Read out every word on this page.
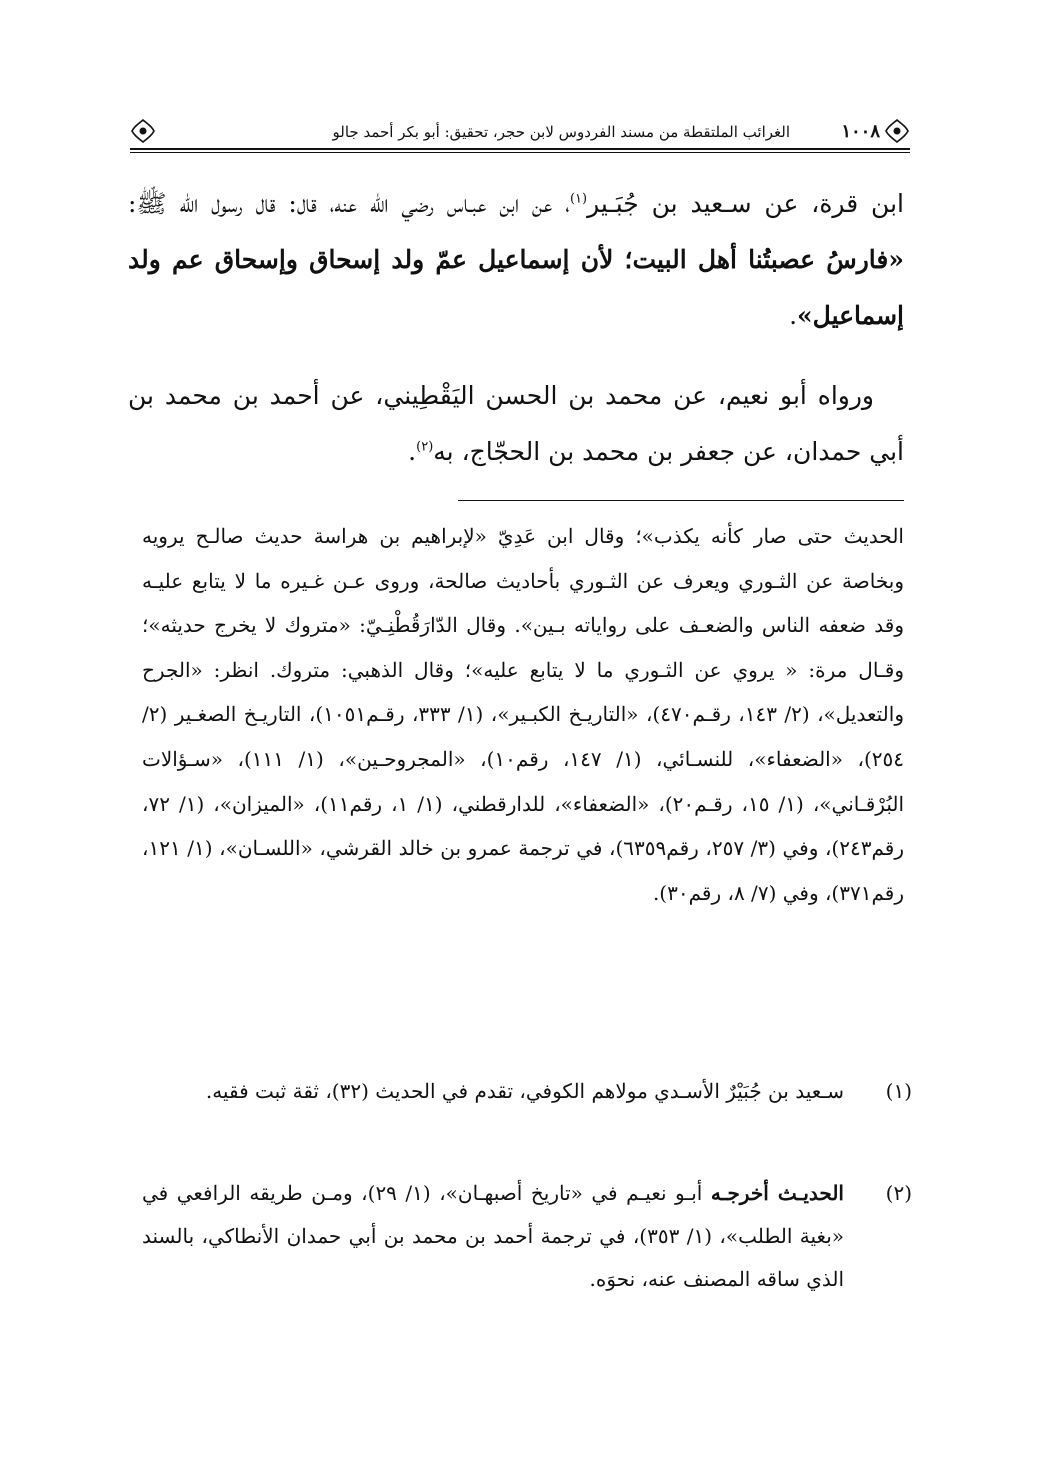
١٠٠٨
الغرائب الملتقطة من مسند الفردوس لابن حجر، تحقيق: أبو بكر أحمد جالو

ابن قرة، عن سـعيد بن جُبَـير$^{(١)}$، عن ابن عبـاس رضي الله عنه، قال: قال رسول الله ﷺ: «فارسُ عصبتُنا أهل البيت؛ لأن إسماعيل عمّ ولد إسحاق وإسحاق عم ولد إسماعيل».

ورواه أبو نعيم، عن محمد بن الحسن اليَقْطِيني، عن أحمد بن محمد بن أبي حمدان، عن جعفر بن محمد بن الحجّاج، به$^{(٢)}$.

الحديث حتى صار كأنه يكذب»؛ وقال ابن عَدِيّ «لإبراهيم بن هراسة حديث صالـح يرويه وبخاصة عن الثـوري ويعرف عن الثـوري بأحاديث صالحة، وروى عـن غـيره ما لا يتابع عليـه وقد ضعفه الناس والضعـف على رواياته بـين». وقال الدّارَقُطْنِـيّ: «متروك لا يخرج حديثه»؛ وقـال مرة: « يروي عن الثـوري ما لا يتابع عليه»؛ وقال الذهبي: متروك. انظر: «الجرح والتعديل»، (٢/ ١٤٣، رقـم٤٧٠)، «التاريـخ الكبـير»، (١/ ٣٣٣، رقـم١٠٥١)، التاريـخ الصغـير (٢/ ٢٥٤)، «الضعفاء»، للنسـائي، (١/ ١٤٧، رقم١٠)، «المجروحـين»، (١/ ١١١)، «سـؤالات البُرْقـاني»، (١/ ١٥، رقـم٢٠)، «الضعفاء»، للدارقطني، (١/ ١، رقم١١)، «الميزان»، (١/ ٧٢، رقم٢٤٣)، وفي (٣/ ٢٥٧، رقم٦٣٥٩)، في ترجمة عمرو بن خالد القرشي، «اللسـان»، (١/ ١٢١، رقم٣٧١)، وفي (٧/ ٨، رقم٣٠).
(١)
سـعيد بن جُبَيْرٌ الأسـدي مولاهم الكوفي، تقدم في الحديث (٣٢)، ثقة ثبت فقيه.
(٢)
الحديـث أخرجـه أبـو نعيـم في «تاريخ أصبهـان»، (١/ ٢٩)، ومـن طريقه الرافعي في «بغية الطلب»، (١/ ٣٥٣)، في ترجمة أحمد بن محمد بن أبي حمدان الأنطاكي، بالسند الذي ساقه المصنف عنه، نحوَه.
